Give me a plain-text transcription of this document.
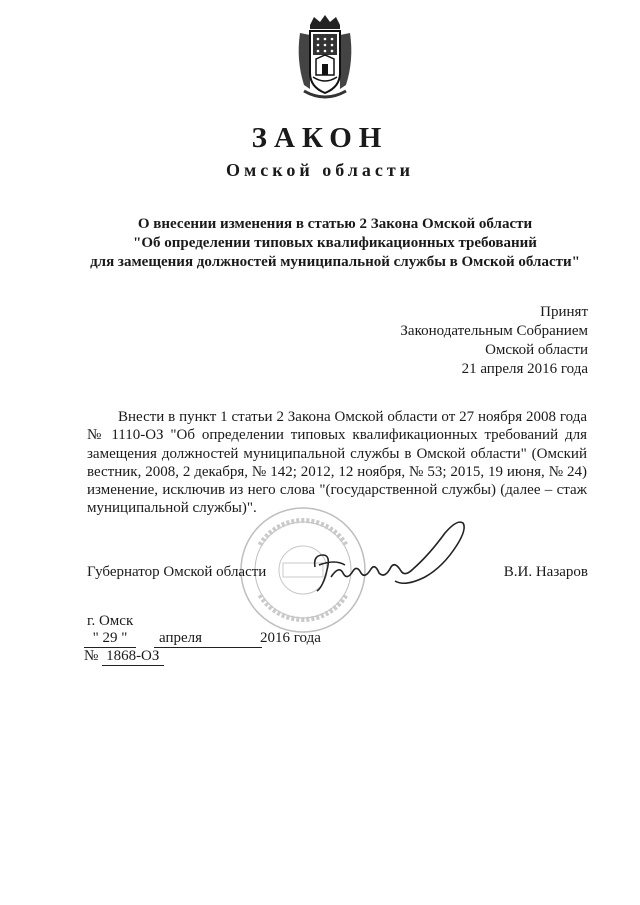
ЗАКОН
Омской области
О внесении изменения в статью 2 Закона Омской области
"Об определении типовых квалификационных требований
для замещения должностей муниципальной службы в Омской области"
Принят
Законодательным Собранием
Омской области
21 апреля 2016 года
Внести в пункт 1 статьи 2 Закона Омской области от 27 ноября 2008 года № 1110-ОЗ "Об определении типовых квалификационных требований для замещения должностей муниципальной службы в Омской области" (Омский вестник, 2008, 2 декабря, № 142; 2012, 12 ноября, № 53; 2015, 19 июня, № 24) изменение, исключив из него слова "(государственной службы) (далее – стаж муниципальной службы)".
Губернатор Омской области	В.И. Назаров
г. Омск
" 29 "	апреля	2016 года
№ 1868-ОЗ
